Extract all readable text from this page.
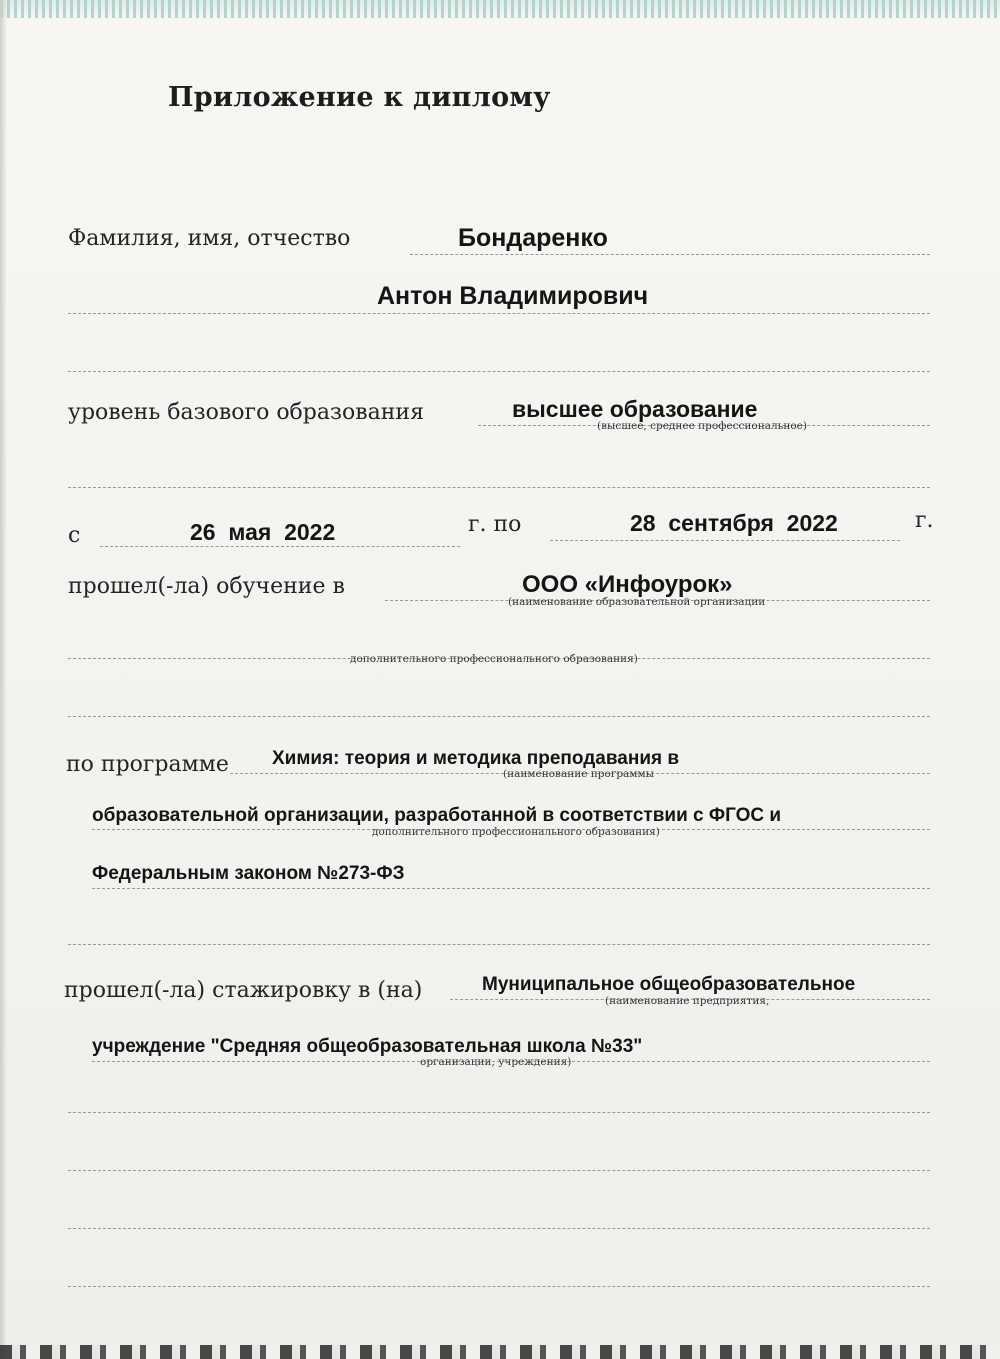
Приложение к диплому
Фамилия, имя, отчество	Бондаренко
Антон Владимирович
уровень базового образования	высшее образование
(высшее, среднее профессиональное)
с	26  мая  2022	г. по	28  сентября  2022	г.
прошел(-ла) обучение в	ООО «Инфоурок»
(наименование образовательной организации
дополнительного профессионального образования)
по программе Химия: теория и методика преподавания в
(наименование программы
образовательной организации, разработанной в соответствии с ФГОС и
дополнительного профессионального образования)
Федеральным законом №273-ФЗ
прошел(-ла) стажировку в (на)	Муниципальное общеобразовательное
(наименование предприятия,
учреждение "Средняя общеобразовательная школа №33"
организации, учреждения)
